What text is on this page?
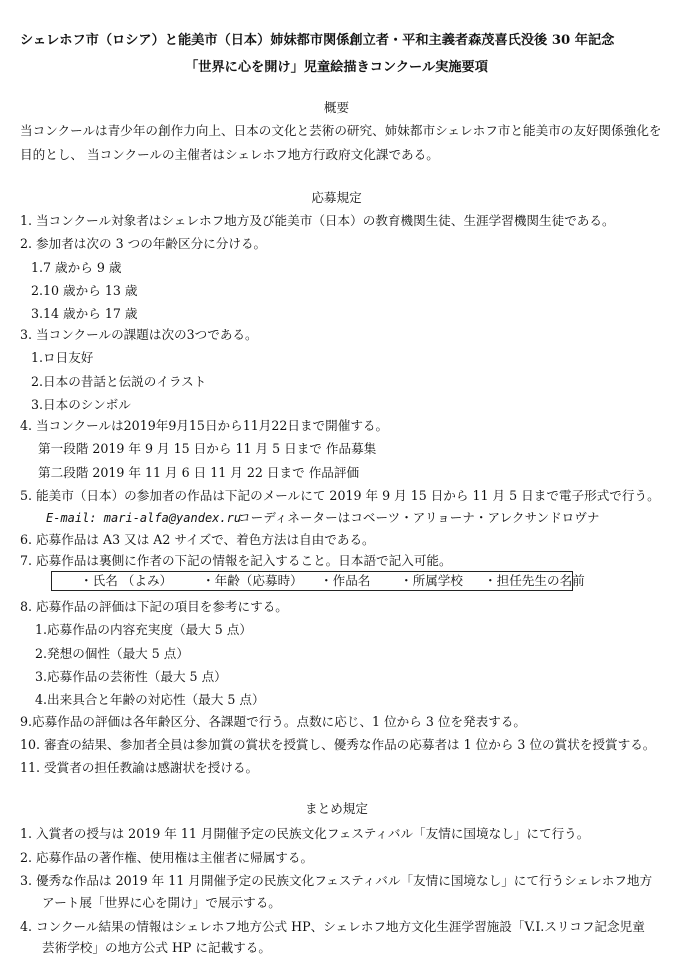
シェレホフ市（ロシア）と能美市（日本）姉妹都市関係創立者・平和主義者森茂喜氏没後 30 年記念
「世界に心を開け」児童絵描きコンクール実施要項
概要
当コンクールは青少年の創作力向上、日本の文化と芸術の研究、姉妹都市シェレホフ市と能美市の友好関係強化を
目的とし、 当コンクールの主催者はシェレホフ地方行政府文化課である。
応募規定
1. 当コンクール対象者はシェレホフ地方及び能美市（日本）の教育機関生徒、生涯学習機関生徒である。
2. 参加者は次の 3 つの年齢区分に分ける。
1.7 歳から 9 歳
2.10 歳から 13 歳
3.14 歳から 17 歳
3. 当コンクールの課題は次の3つである。
1.ロ日友好
2.日本の昔話と伝説のイラスト
3.日本のシンボル
4. 当コンクールは2019年9月15日から11月22日まで開催する。
第一段階 2019 年 9 月 15 日から 11 月 5 日まで 作品募集
第二段階 2019 年 11 月 6 日 11 月 22 日まで 作品評価
5. 能美市（日本）の参加者の作品は下記のメールにて 2019 年 9 月 15 日から 11 月 5 日まで電子形式で行う。
E-mail: mari-alfa@yandex.ru
コーディネーターはコベーツ・アリョーナ・アレクサンドロヴナ
6. 応募作品は A3 又は A2 サイズで、着色方法は自由である。
7. 応募作品は裏側に作者の下記の情報を記入すること。日本語で記入可能。
・氏名 （よみ） ・年齢（応募時） ・作品名 ・所属学校 ・担任先生の名前
8. 応募作品の評価は下記の項目を参考にする。
1.応募作品の内容充実度（最大 5 点）
2.発想の個性（最大 5 点）
3.応募作品の芸術性（最大 5 点）
4.出来具合と年齢の対応性（最大 5 点）
9.応募作品の評価は各年齢区分、各課題で行う。点数に応じ、1 位から 3 位を発表する。
10. 審査の結果、参加者全員は参加賞の賞状を授賞し、優秀な作品の応募者は 1 位から 3 位の賞状を授賞する。
11. 受賞者の担任教諭は感謝状を授ける。
まとめ規定
1. 入賞者の授与は 2019 年 11 月開催予定の民族文化フェスティバル「友情に国境なし」にて行う。
2. 応募作品の著作権、使用権は主催者に帰属する。
3. 優秀な作品は 2019 年 11 月開催予定の民族文化フェスティバル「友情に国境なし」にて行うシェレホフ地方
アート展「世界に心を開け」で展示する。
4. コンクール結果の情報はシェレホフ地方公式 HP、シェレホフ地方文化生涯学習施設「V.I.スリコフ記念児童
芸術学校」の地方公式 HP に記載する。
